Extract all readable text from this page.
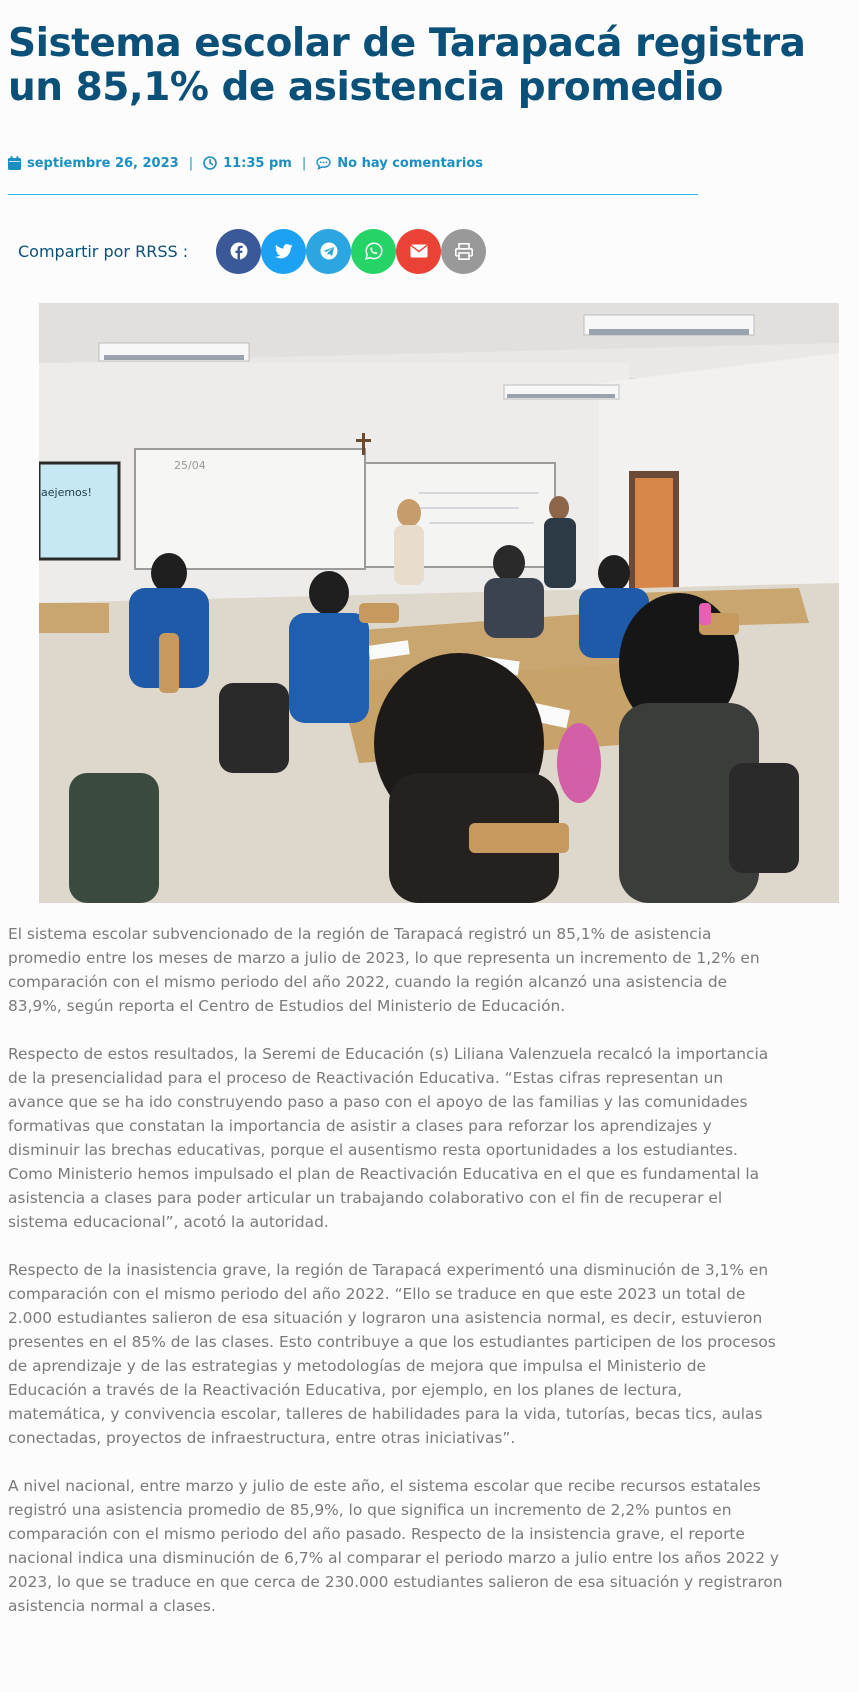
Sistema escolar de Tarapacá registra un 85,1% de asistencia promedio
septiembre 26, 2023 | 11:35 pm | No hay comentarios
Compartir por RRSS :
25/04
aejemos!

El sistema escolar subvencionado de la región de Tarapacá registró un 85,1% de asistencia promedio entre los meses de marzo a julio de 2023, lo que representa un incremento de 1,2% en comparación con el mismo periodo del año 2022, cuando la región alcanzó una asistencia de 83,9%, según reporta el Centro de Estudios del Ministerio de Educación.

Respecto de estos resultados, la Seremi de Educación (s) Liliana Valenzuela recalcó la importancia de la presencialidad para el proceso de Reactivación Educativa. “Estas cifras representan un avance que se ha ido construyendo paso a paso con el apoyo de las familias y las comunidades formativas que constatan la importancia de asistir a clases para reforzar los aprendizajes y disminuir las brechas educativas, porque el ausentismo resta oportunidades a los estudiantes. Como Ministerio hemos impulsado el plan de Reactivación Educativa en el que es fundamental la asistencia a clases para poder articular un trabajando colaborativo con el fin de recuperar el sistema educacional”, acotó la autoridad.

Respecto de la inasistencia grave, la región de Tarapacá experimentó una disminución de 3,1% en comparación con el mismo periodo del año 2022. “Ello se traduce en que este 2023 un total de 2.000 estudiantes salieron de esa situación y lograron una asistencia normal, es decir, estuvieron presentes en el 85% de las clases. Esto contribuye a que los estudiantes participen de los procesos de aprendizaje y de las estrategias y metodologías de mejora que impulsa el Ministerio de Educación a través de la Reactivación Educativa, por ejemplo, en los planes de lectura, matemática, y convivencia escolar, talleres de habilidades para la vida, tutorías, becas tics, aulas conectadas, proyectos de infraestructura, entre otras iniciativas”.

A nivel nacional, entre marzo y julio de este año, el sistema escolar que recibe recursos estatales registró una asistencia promedio de 85,9%, lo que significa un incremento de 2,2% puntos en comparación con el mismo periodo del año pasado. Respecto de la insistencia grave, el reporte nacional indica una disminución de 6,7% al comparar el periodo marzo a julio entre los años 2022 y 2023, lo que se traduce en que cerca de 230.000 estudiantes salieron de esa situación y registraron asistencia normal a clases.
